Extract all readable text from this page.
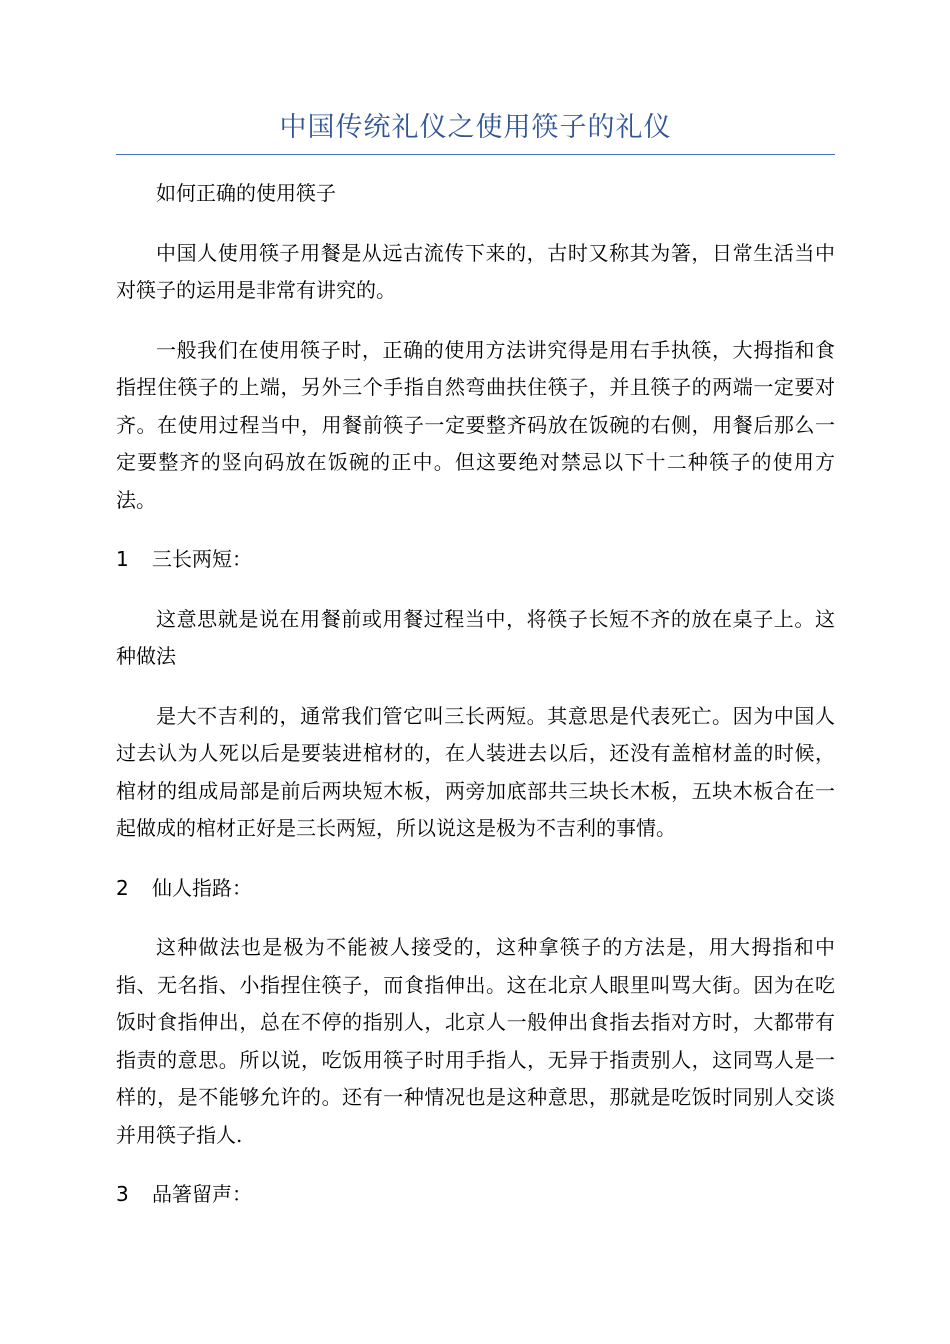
中国传统礼仪之使用筷子的礼仪

如何正确的使用筷子

中国人使用筷子用餐是从远古流传下来的，古时又称其为箸，日常生活当中对筷子的运用是非常有讲究的。

一般我们在使用筷子时，正确的使用方法讲究得是用右手执筷，大拇指和食指捏住筷子的上端，另外三个手指自然弯曲扶住筷子，并且筷子的两端一定要对齐。在使用过程当中，用餐前筷子一定要整齐码放在饭碗的右侧，用餐后那么一定要整齐的竖向码放在饭碗的正中。但这要绝对禁忌以下十二种筷子的使用方法。

1 三长两短：

这意思就是说在用餐前或用餐过程当中，将筷子长短不齐的放在桌子上。这种做法

是大不吉利的，通常我们管它叫三长两短。其意思是代表死亡。因为中国人过去认为人死以后是要装进棺材的，在人装进去以后，还没有盖棺材盖的时候，棺材的组成局部是前后两块短木板，两旁加底部共三块长木板，五块木板合在一起做成的棺材正好是三长两短，所以说这是极为不吉利的事情。

2 仙人指路：

这种做法也是极为不能被人接受的，这种拿筷子的方法是，用大拇指和中指、无名指、小指捏住筷子，而食指伸出。这在北京人眼里叫骂大街。因为在吃饭时食指伸出，总在不停的指别人，北京人一般伸出食指去指对方时，大都带有指责的意思。所以说，吃饭用筷子时用手指人，无异于指责别人，这同骂人是一样的，是不能够允许的。还有一种情况也是这种意思，那就是吃饭时同别人交谈并用筷子指人.

3 品箸留声：
